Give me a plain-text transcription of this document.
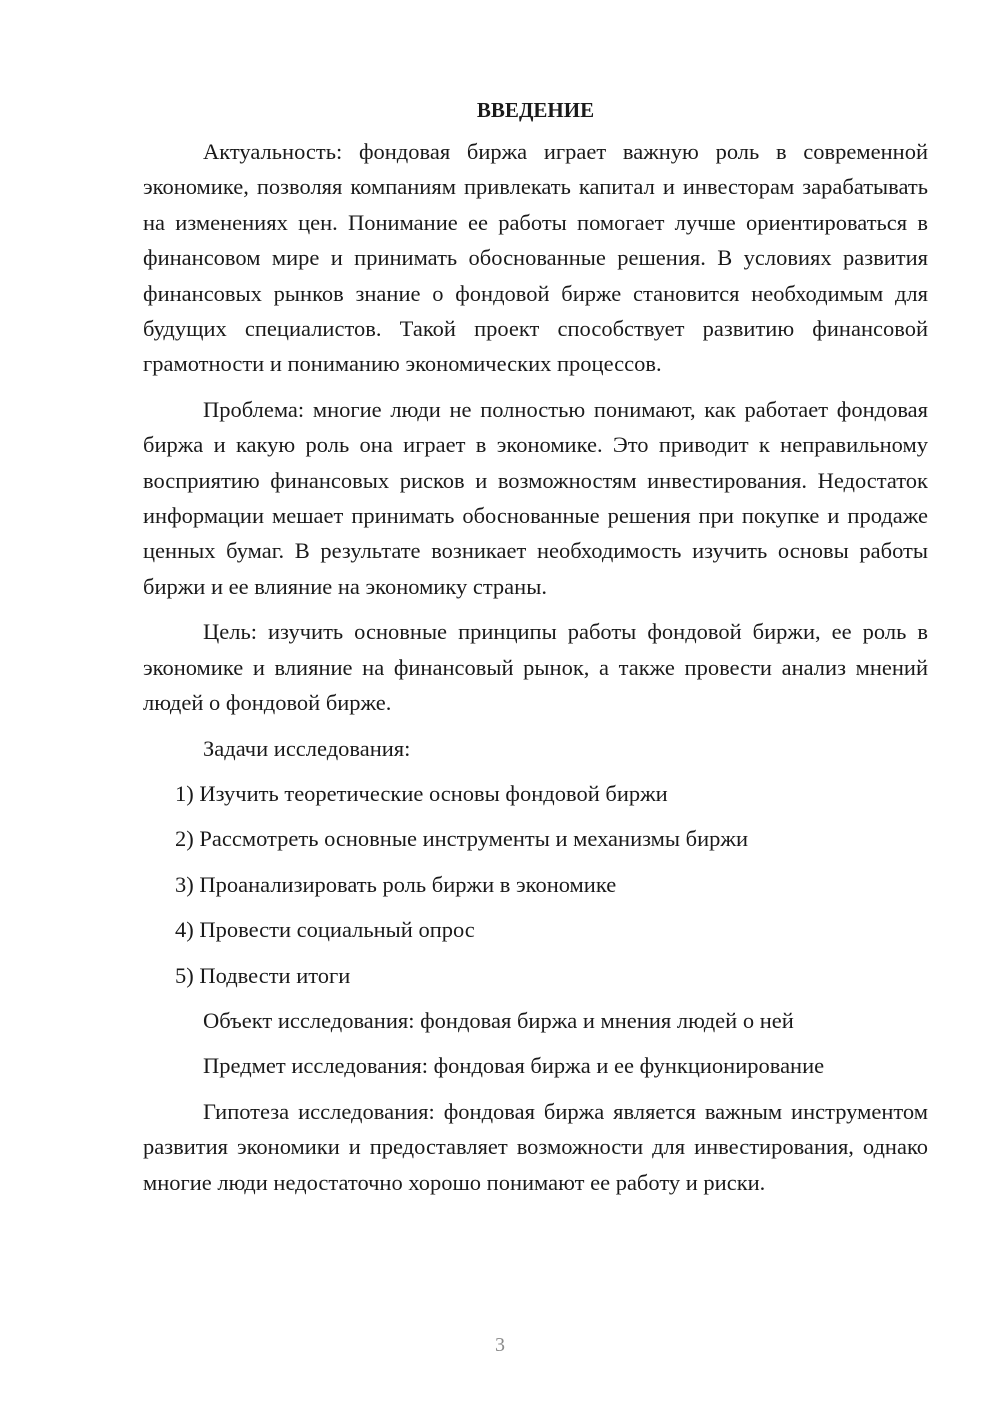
ВВЕДЕНИЕ

Актуальность: фондовая биржа играет важную роль в современной экономике, позволяя компаниям привлекать капитал и инвесторам зарабатывать на изменениях цен. Понимание ее работы помогает лучше ориентироваться в финансовом мире и принимать обоснованные решения. В условиях развития финансовых рынков знание о фондовой бирже становится необходимым для будущих специалистов. Такой проект способствует развитию финансовой грамотности и пониманию экономических процессов.

Проблема: многие люди не полностью понимают, как работает фондовая биржа и какую роль она играет в экономике. Это приводит к неправильному восприятию финансовых рисков и возможностям инвестирования. Недостаток информации мешает принимать обоснованные решения при покупке и продаже ценных бумаг. В результате возникает необходимость изучить основы работы биржи и ее влияние на экономику страны.

Цель: изучить основные принципы работы фондовой биржи, ее роль в экономике и влияние на финансовый рынок, а также провести анализ мнений людей о фондовой бирже.

Задачи исследования:
1) Изучить теоретические основы фондовой биржи
2) Рассмотреть основные инструменты и механизмы биржи
3) Проанализировать роль биржи в экономике
4) Провести социальный опрос
5) Подвести итоги
Объект исследования: фондовая биржа и мнения людей о ней
Предмет исследования: фондовая биржа и ее функционирование

Гипотеза исследования: фондовая биржа является важным инструментом развития экономики и предоставляет возможности для инвестирования, однако многие люди недостаточно хорошо понимают ее работу и риски.

3
